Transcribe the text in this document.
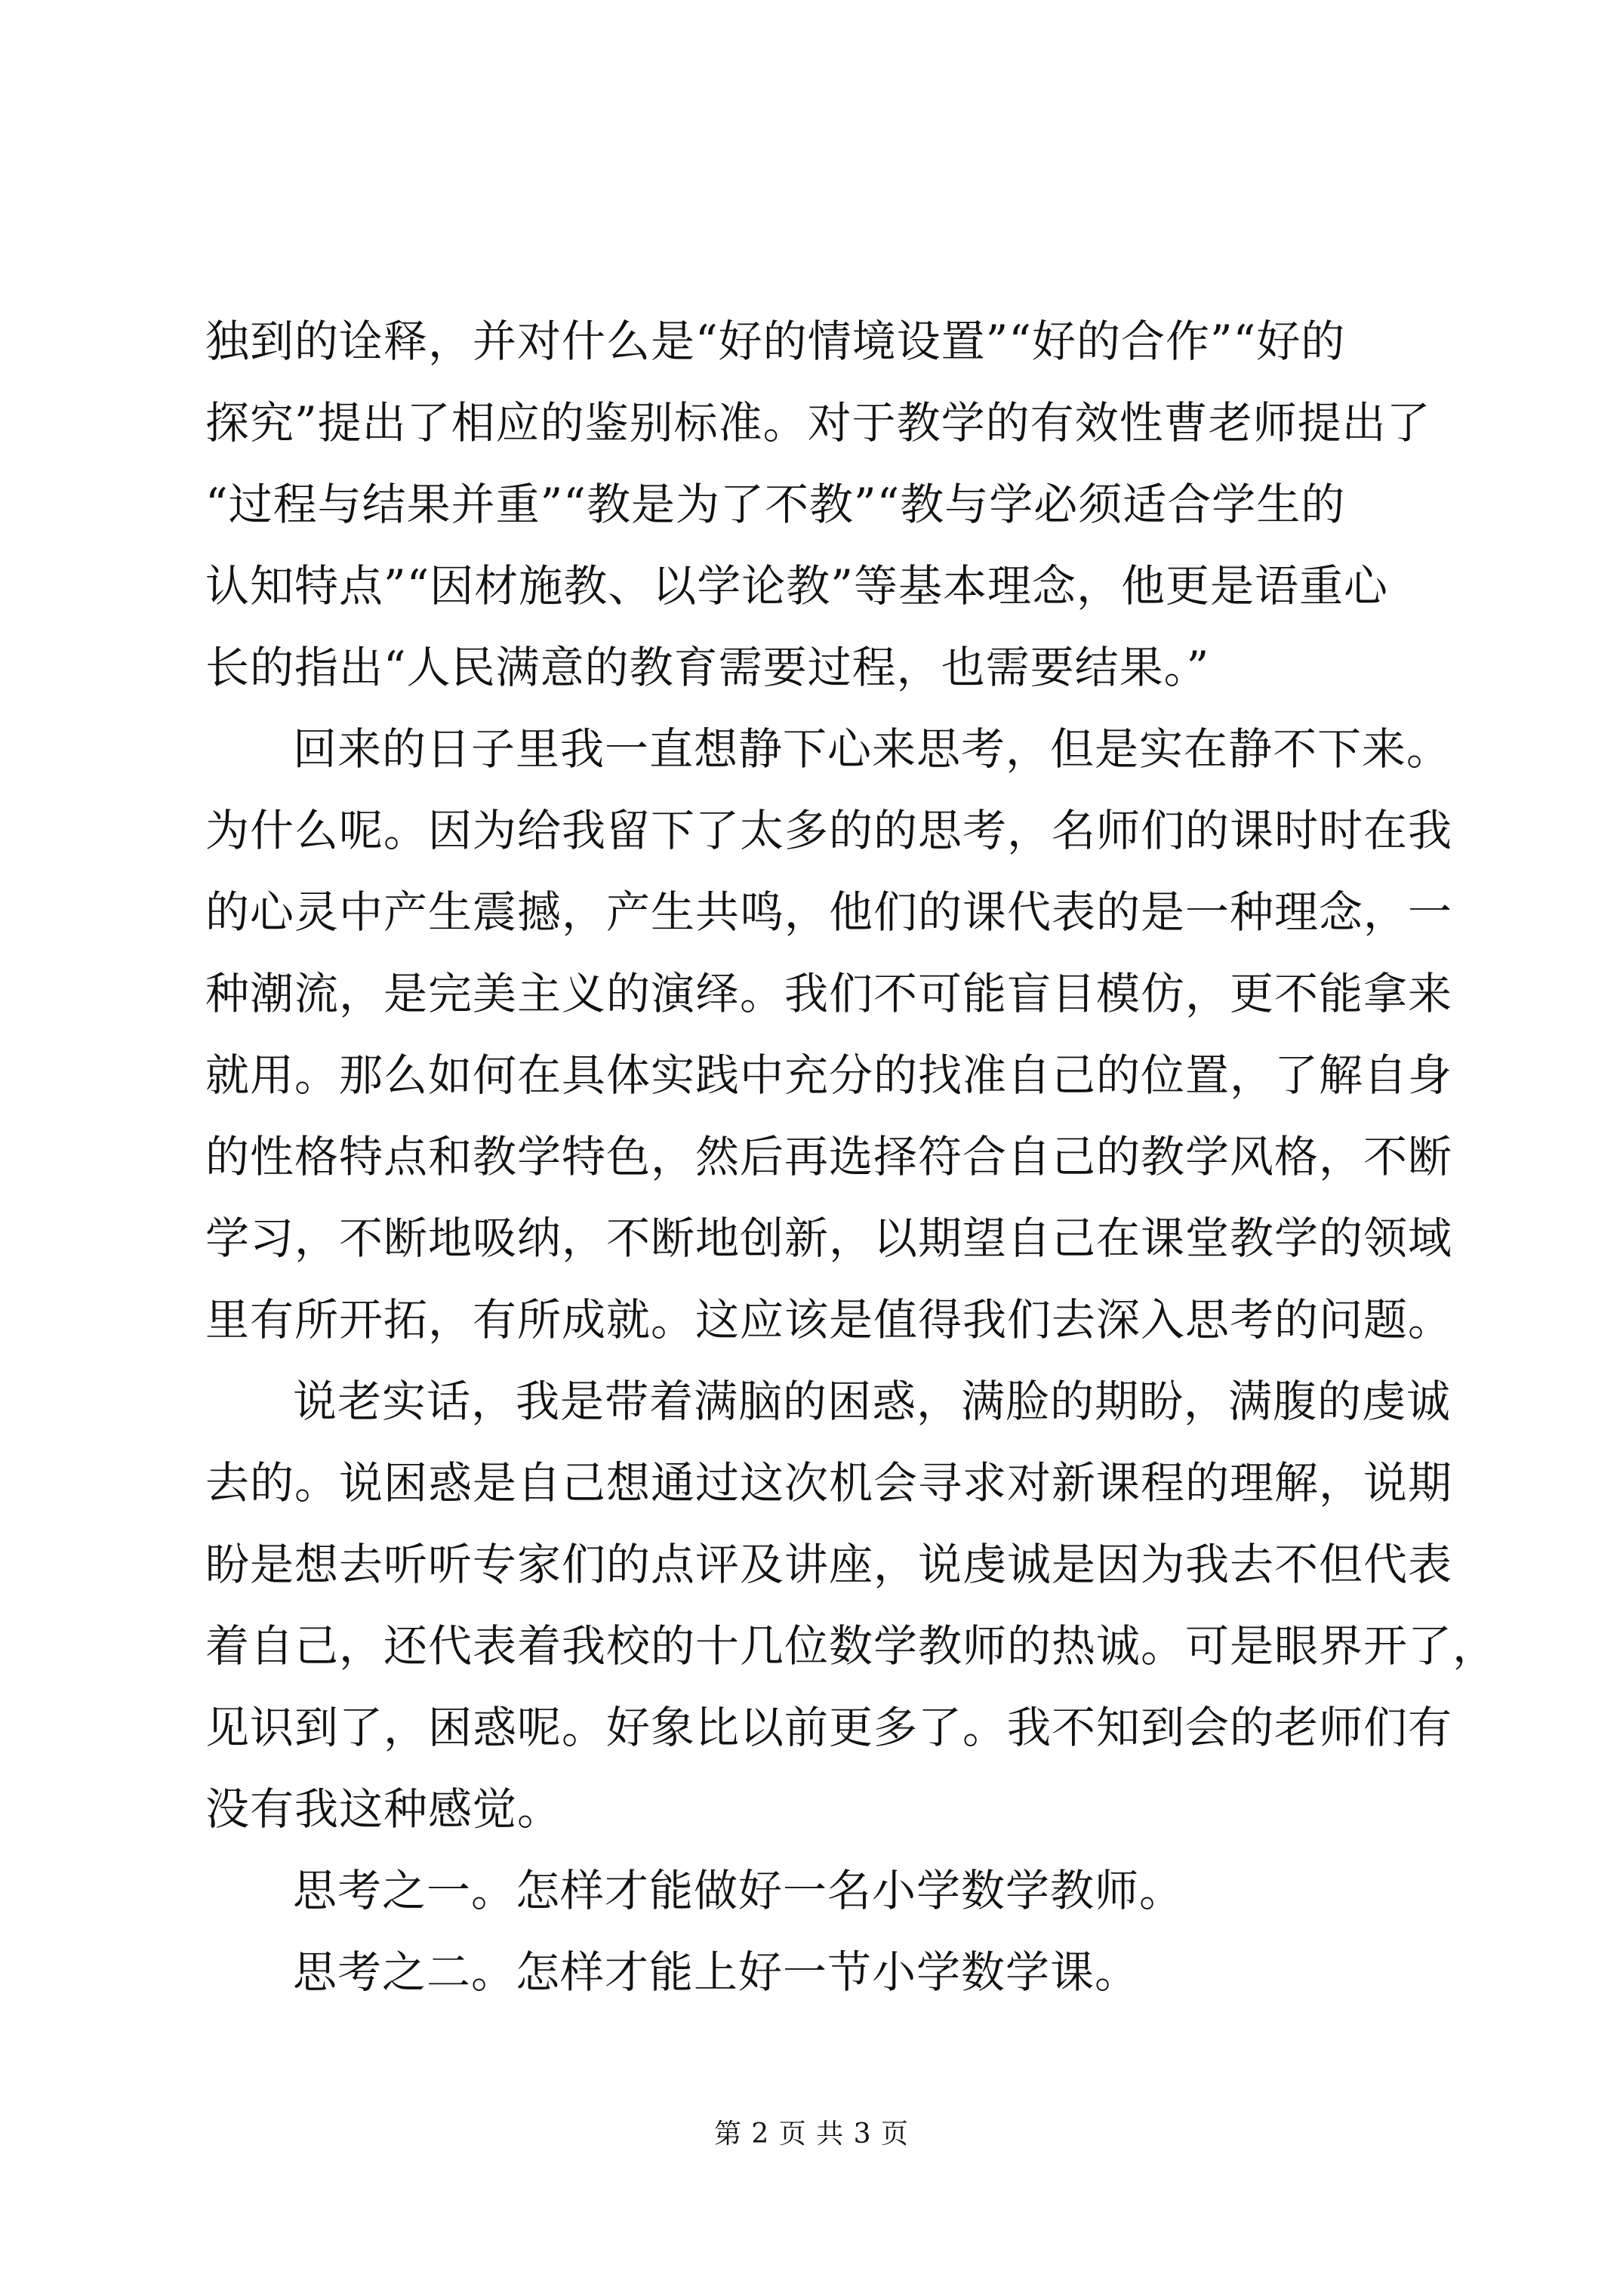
独到的诠释，并对什么是“好的情境设置”“好的合作”“好的
探究”提出了相应的鉴别标准。对于教学的有效性曹老师提出了
“过程与结果并重”“教是为了不教”“教与学必须适合学生的
认知特点”“因材施教、以学论教”等基本理念，他更是语重心
长的指出“人民满意的教育需要过程，也需要结果。”
回来的日子里我一直想静下心来思考，但是实在静不下来。
为什么呢。因为给我留下了太多的的思考，名师们的课时时在我
的心灵中产生震撼，产生共鸣，他们的课代表的是一种理念，一
种潮流，是完美主义的演绎。我们不可能盲目模仿，更不能拿来
就用。那么如何在具体实践中充分的找准自己的位置，了解自身
的性格特点和教学特色，然后再选择符合自己的教学风格，不断
学习，不断地吸纳，不断地创新，以期望自己在课堂教学的领域
里有所开拓，有所成就。这应该是值得我们去深入思考的问题。
说老实话，我是带着满脑的困惑，满脸的期盼，满腹的虔诚
去的。说困惑是自己想通过这次机会寻求对新课程的理解，说期
盼是想去听听专家们的点评及讲座，说虔诚是因为我去不但代表
着自己，还代表着我校的十几位数学教师的热诚。可是眼界开了，
见识到了，困惑呢。好象比以前更多了。我不知到会的老师们有
没有我这种感觉。
思考之一。怎样才能做好一名小学数学教师。
思考之二。怎样才能上好一节小学数学课。
第 2 页 共 3 页
